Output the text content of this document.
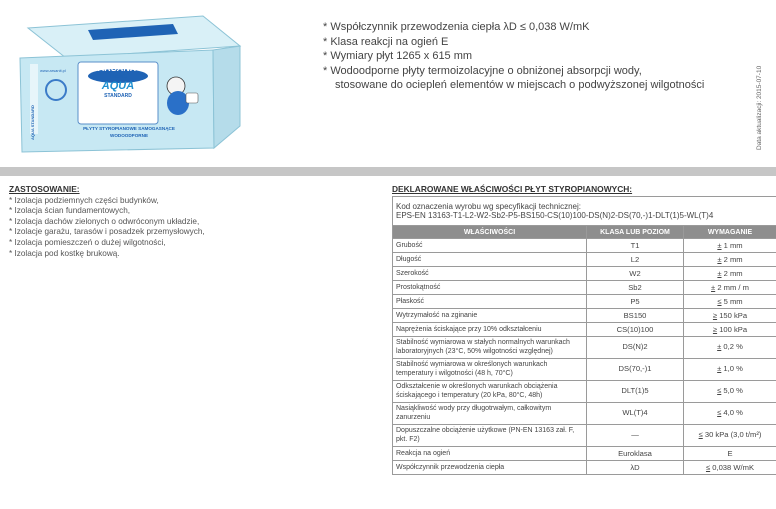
ARSANIT
TERMO
AQUA
STANDARD
www.arsanit.pl
AQUA STANDARD	PŁYTY STYROPIANOWE SAMOGASNĄCE
WODOODPORNE
* Współczynnik przewodzenia ciepła λD ≤ 0,038 W/mK
* Klasa reakcji na ogień E
* Wymiary płyt 1265 x 615 mm
* Wodoodporne płyty termoizolacyjne o obniżonej absorpcji wody,
stosowane do ociepleń elementów w miejscach o podwyższonej wilgotności	Data aktualizacji: 2015-07-10
ZASTOSOWANIE:
* Izolacja podziemnych części budynków,
* Izolacja ścian fundamentowych,
* Izolacja dachów zielonych o odwróconym układzie,
* Izolacje garażu, tarasów i posadzek przemysłowych,
* Izolacja pomieszczeń o dużej wilgotności,
* Izolacja pod kostkę brukową.
DEKLAROWANE WŁAŚCIWOŚCI PŁYT STYROPIANOWYCH:
Kod oznaczenia wyrobu wg specyfikacji technicznej:
EPS-EN 13163-T1-L2-W2-Sb2-P5-BS150-CS(10)100-DS(N)2-DS(70,-)1-DLT(1)5-WL(T)4		

WŁAŚCIWOŚCI	KLASA LUB POZIOM	WYMAGANIE
Grubość	T1	± 1 mm
Długość	L2	± 2 mm
Szerokość	W2	± 2 mm
Prostokątność	Sb2	± 2 mm / m
Płaskość	P5	≤ 5 mm
Wytrzymałość na zginanie	BS150	≥ 150 kPa
Naprężenia ściskające przy 10% odkształceniu	CS(10)100	≥ 100 kPa
Stabilność wymiarowa w stałych normalnych warunkach laboratoryjnych (23°C, 50% wilgotności względnej)	DS(N)2	± 0,2 %
Stabilność wymiarowa w określonych warunkach temperatury i wilgotności (48 h, 70°C)	DS(70,-)1	± 1,0 %
Odkształcenie w określonych warunkach obciążenia ściskającego i temperatury (20 kPa, 80°C, 48h)	DLT(1)5	≤ 5,0 %
Nasiąkliwość wody przy długotrwałym, całkowitym zanurzeniu	WL(T)4	≤ 4,0 %
Dopuszczalne obciążenie użytkowe (PN-EN 13163 zał. F, pkt. F2)	—	≤ 30 kPa (3,0 t/m²)
Reakcja na ogień	Euroklasa	E
Współczynnik przewodzenia ciepła	λD	≤ 0,038 W/mK
